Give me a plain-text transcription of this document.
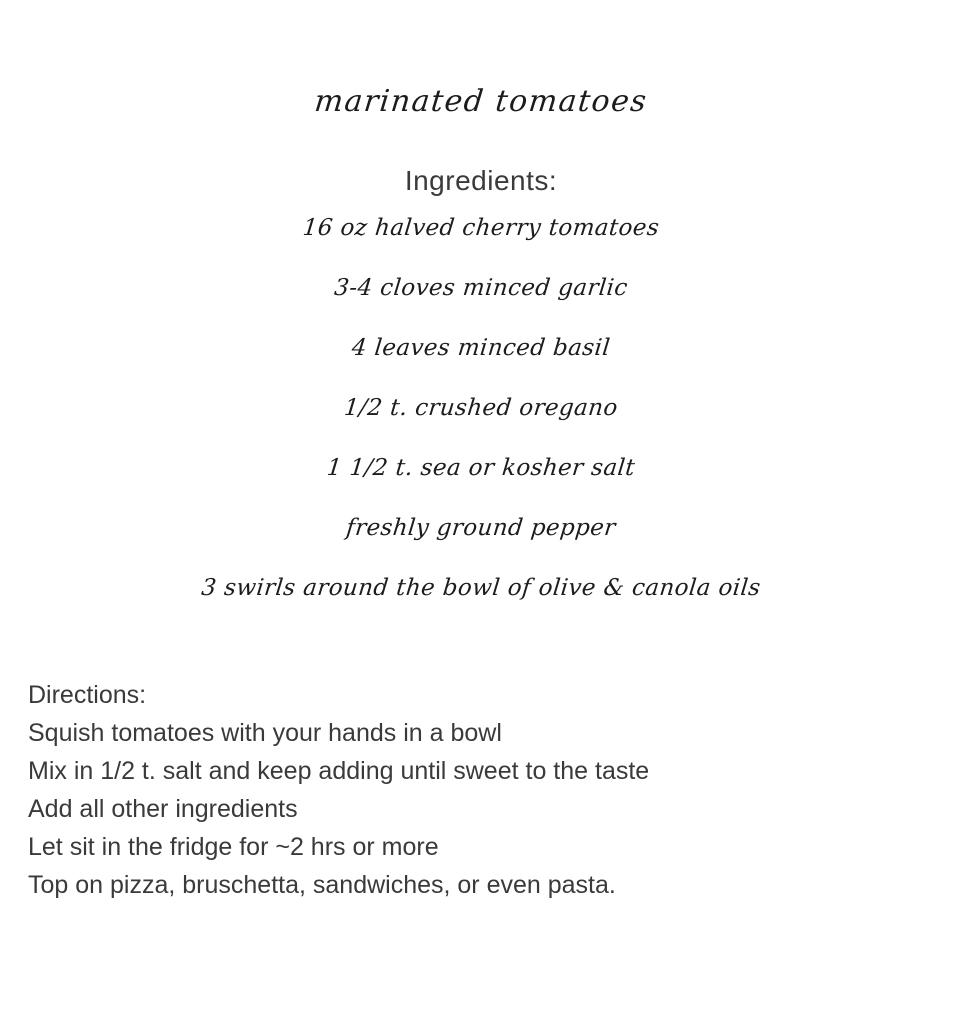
marinated tomatoes
Ingredients:
16 oz halved cherry tomatoes
3-4 cloves minced garlic
4 leaves minced basil
1/2 t. crushed oregano
1 1/2 t. sea or kosher salt
freshly ground pepper
3 swirls around the bowl of olive & canola oils
Directions:
Squish tomatoes with your hands in a bowl
Mix in 1/2 t. salt and keep adding until sweet to the taste
Add all other ingredients
Let sit in the fridge for ~2 hrs or more
Top on pizza, bruschetta, sandwiches, or even pasta.
